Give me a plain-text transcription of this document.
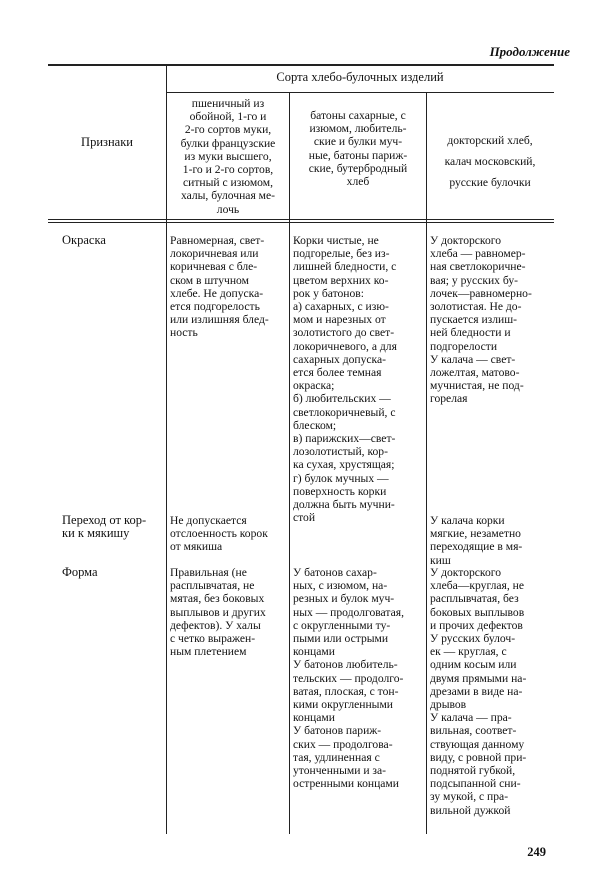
Продолжение
Признаки
Сорта хлебо-булочных изделий
пшеничный из
обойной, 1-го и
2-го сортов муки,
булки французские
из муки высшего,
1-го и 2-го сортов,
ситный с изюмом,
халы, булочная ме-
лочь
батоны сахарные, с
изюмом, любитель-
ские и булки муч-
ные, батоны париж-
ские, бутербродный
хлеб
докторский хлеб,
калач московский,
русские булочки
Окраска	Равномерная, свет-
локоричневая или
коричневая с бле-
ском в штучном
хлебе. Не допуска-
ется подгорелость
или излишняя блед-
ность
Корки чистые, не
подгорелые, без из-
лишней бледности, с
цветом верхних ко-
рок у батонов:
а) сахарных, с изю-
мом и нарезных от
золотистого до свет-
локоричневого, а для
сахарных допуска-
ется более темная
окраска;
б) любительских —
светлокоричневый, с
блеском;
в) парижских—свет-
лозолотистый, кор-
ка сухая, хрустящая;
г) булок мучных —
поверхность корки
должна быть мучни-
стой
У докторского
хлеба — равномер-
ная светлокоричне-
вая; у русских бу-
лочек—равномерно-
золотистая. Не до-
пускается излиш-
ней бледности и
подгорелости
У калача — свет-
ложелтая, матово-
мучнистая, не под-
горелая
Переход от кор-
ки к мякишу
Не допускается
отслоенность корок
от мякиша
У калача корки
мягкие, незаметно
переходящие в мя-
киш
Форма	Правильная (не
расплывчатая, не
мятая, без боковых
выплывов и других
дефектов). У халы
с четко выражен-
ным плетением
У батонов сахар-
ных, с изюмом, на-
резных и булок муч-
ных — продолговатая,
с округленными ту-
пыми или острыми
концами
У батонов любитель-
тельских — продолго-
ватая, плоская, с тон-
кими округленными
концами
У батонов париж-
ских — продолгова-
тая, удлиненная с
утонченными и за-
остренными концами
У докторского
хлеба—круглая, не
расплывчатая, без
боковых выплывов
и прочих дефектов
У русских булоч-
ек — круглая, с
одним косым или
двумя прямыми на-
дрезами в виде на-
дрывов
У калача — пра-
вильная, соответ-
ствующая данному
виду, с ровной при-
поднятой губкой,
подсыпанной сни-
зу мукой, с пра-
вильной дужкой
249
